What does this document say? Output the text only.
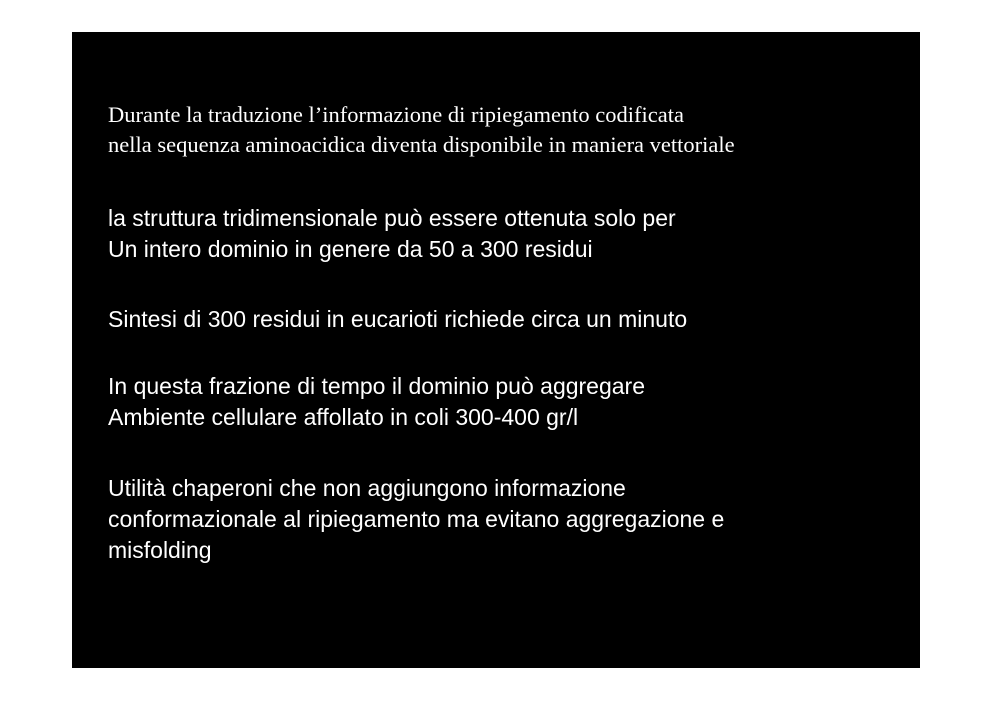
Durante la traduzione l’informazione di ripiegamento codificata
nella sequenza aminoacidica diventa disponibile in maniera vettoriale

la struttura tridimensionale può essere ottenuta solo per
Un intero dominio in genere da 50 a 300 residui

Sintesi di 300 residui in eucarioti richiede circa un minuto

In questa frazione di tempo il dominio può aggregare
Ambiente cellulare affollato in coli 300-400 gr/l

Utilità chaperoni che non aggiungono informazione
conformazionale al ripiegamento ma evitano aggregazione e
misfolding
